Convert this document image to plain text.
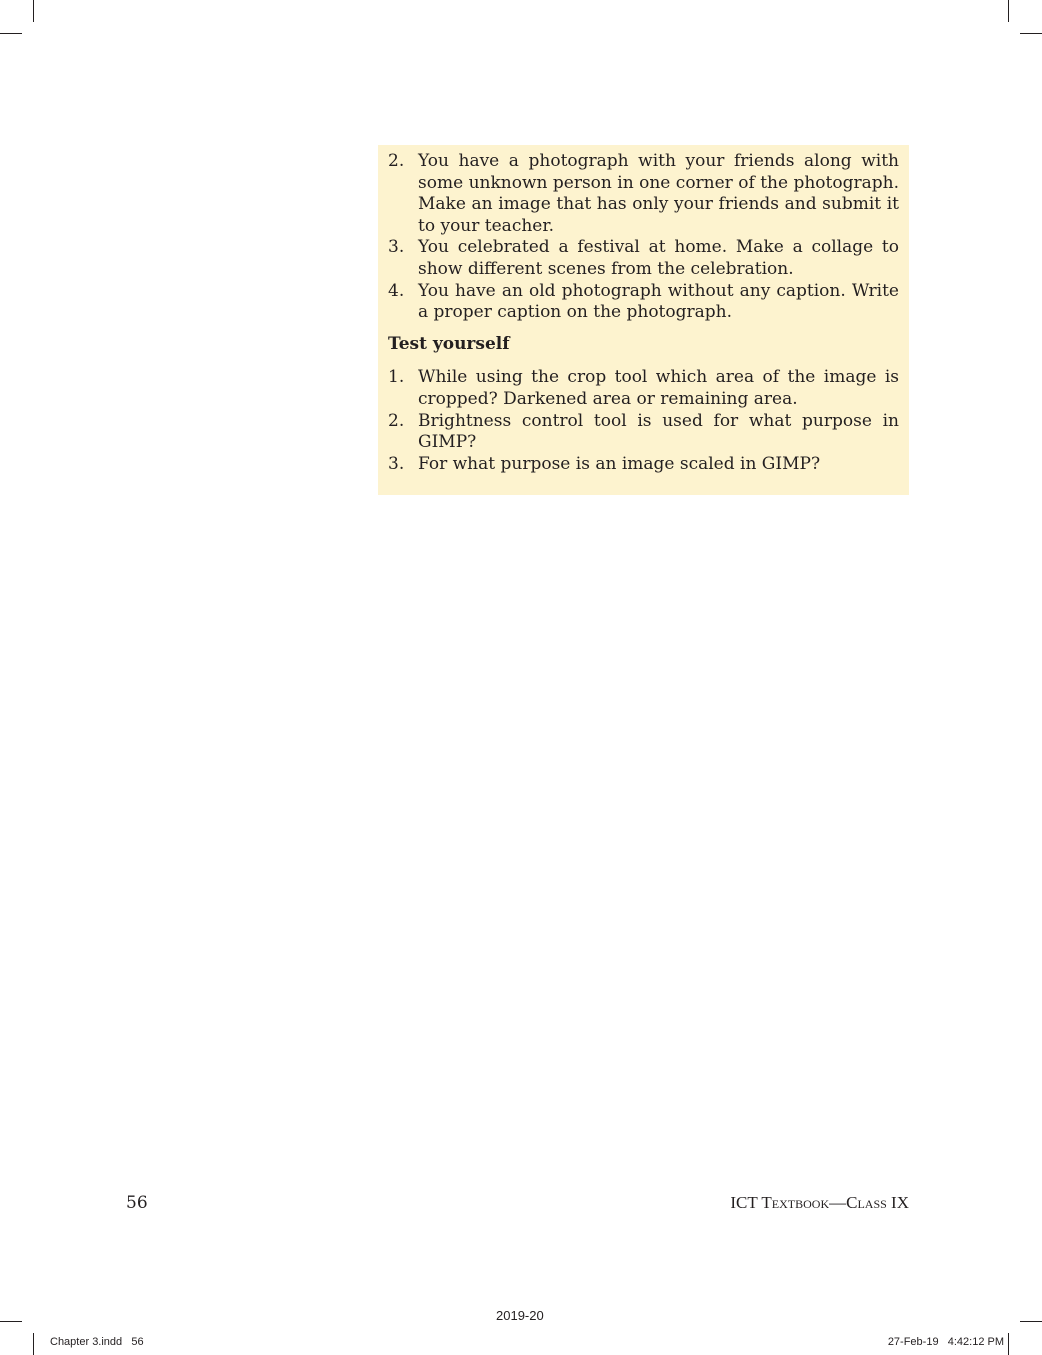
2. You have a photograph with your friends along with some unknown person in one corner of the photograph. Make an image that has only your friends and submit it to your teacher.
3. You celebrated a festival at home. Make a collage to show different scenes from the celebration.
4. You have an old photograph without any caption. Write a proper caption on the photograph.
Test yourself
1. While using the crop tool which area of the image is cropped? Darkened area or remaining area.
2. Brightness control tool is used for what purpose in GIMP?
3. For what purpose is an image scaled in GIMP?
56	ICT Textbook—Class IX
2019-20
Chapter 3.indd   56	27-Feb-19   4:42:12 PM
